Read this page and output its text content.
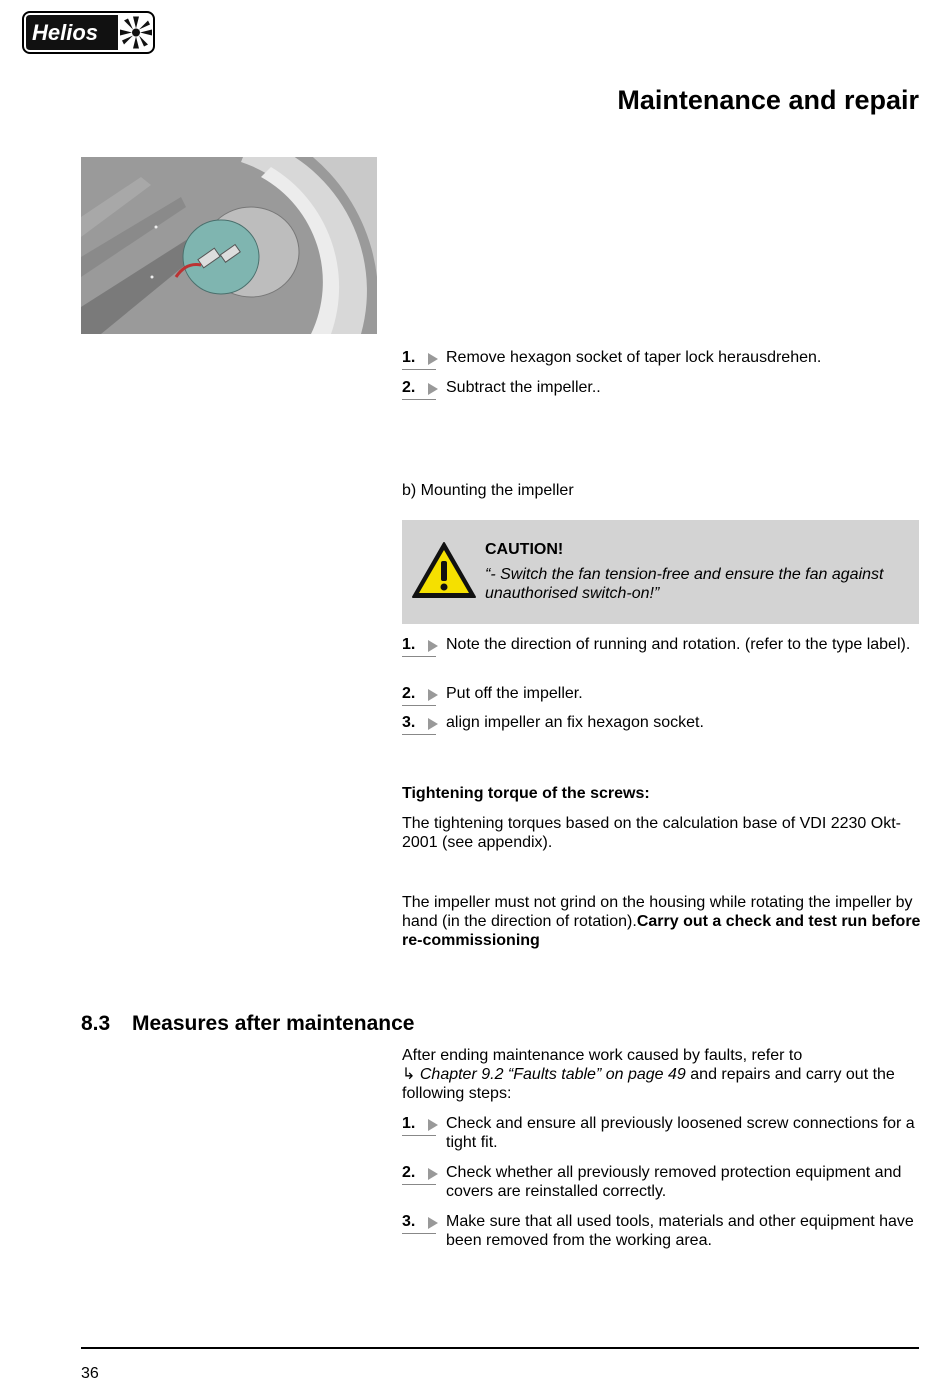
Helios
Maintenance and repair
1.	Remove hexagon socket of taper lock herausdrehen.
2.	Subtract the impeller..
b) Mounting the impeller
CAUTION!
“- Switch the fan tension-free and ensure the fan against unauthorised switch-on!”
1.	Note the direction of running and rotation. (refer to the type label).
2.	Put off the impeller.
3.	align impeller an fix hexagon socket.
Tightening torque of the screws:
The tightening torques based on the calculation base of VDI 2230 Okt-2001 (see appendix).
The impeller must not grind on the housing while rotating the impeller by hand (in the direction of rotation).Carry out a check and test run before re-commissioning
8.3 Measures after maintenance
After ending maintenance work caused by faults, refer to
↳ Chapter 9.2 “Faults table” on page 49 and repairs and carry out the following steps:
1.	Check and ensure all previously loosened screw connections for a tight fit.
2.	Check whether all previously removed protection equipment and covers are reinstalled correctly.
3.	Make sure that all used tools, materials and other equipment have been removed from the working area.
36
